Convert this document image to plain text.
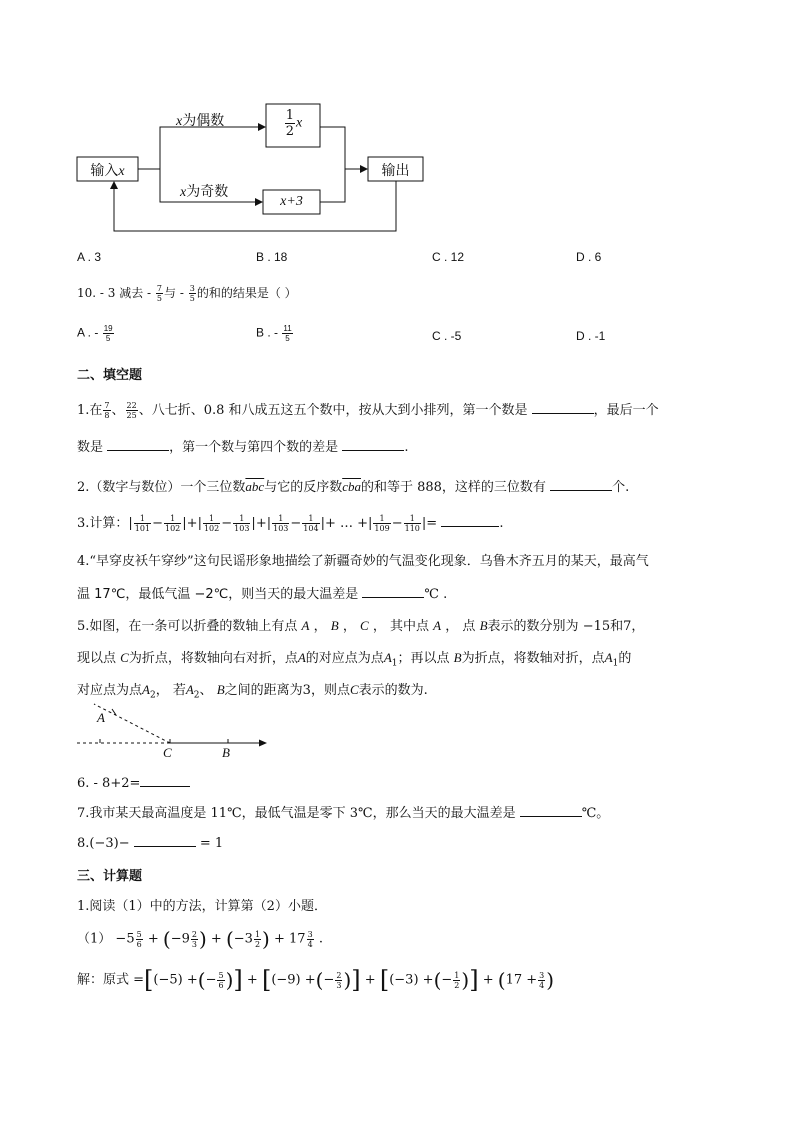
输入x
x为偶数
x为奇数
$\frac{1}{2}$ x
x+3
输出
A . 3	B . 18	C . 12	D . 6
10. - 3 减去 - $\frac{7}{5}$ 与 - $\frac{3}{5}$ 的和的结果是（ ）
A . - $\frac{19}{5}$	B . - $\frac{11}{5}$	C . -5	D . -1
二、填空题
1.在 $\frac{7}{8}$ 、 $\frac{22}{25}$ 、八七折、0.8 和八成五这五个数中，按从大到小排列，第一个数是	，最后一个
数是	，第一个数与第四个数的差是	.
2.（数字与数位）一个三位数$\overline{abc}$与它的反序数$\overline{cba}$的和等于 888，这样的三位数有	个.
3.计算：| $\frac{1}{101} - \frac{1}{102}$ |+| $\frac{1}{102} - \frac{1}{103}$ |+| $\frac{1}{103} - \frac{1}{104}$ |+ … +| $\frac{1}{109} - \frac{1}{110}$ |=	.
4.“早穿皮袄午穿纱”这句民谣形象地描绘了新疆奇妙的气温变化现象．乌鲁木齐五月的某天，最高气
温 17℃，最低气温 −2℃，则当天的最大温差是	℃ .
5.如图，在一条可以折叠的数轴上有点 A ， B ， C ， 其中点 A ， 点 B表示的数分别为 −15和7，
现以点 C为折点，将数轴向右对折，点A的对应点为点$A_1$；再以点 B为折点，将数轴对折，点$A_1$的
对应点为点$A_2$， 若$A_2$、 B之间的距离为3，则点C表示的数为.
A
C	B
6. - 8+2=
7.我市某天最高温度是 11℃，最低气温是零下 3℃，那么当天的最大温差是	℃。
8.(−3)−	= 1
三、计算题
1.阅读（1）中的方法，计算第（2）小题．
$(1) -5 \frac{5}{6} + (-9 \frac{2}{3}$ ) + ($-3 \frac{1}{2}$ ) + $17 \frac{3}{4}$ .
解：原式 =[(−5) +(− $\frac{5}{6}$ )] + [(−9) +(− $\frac{2}{3}$ )] + [(−3) +(− $\frac{1}{2}$ )] + ($17 + \frac{3}{4}$ )
